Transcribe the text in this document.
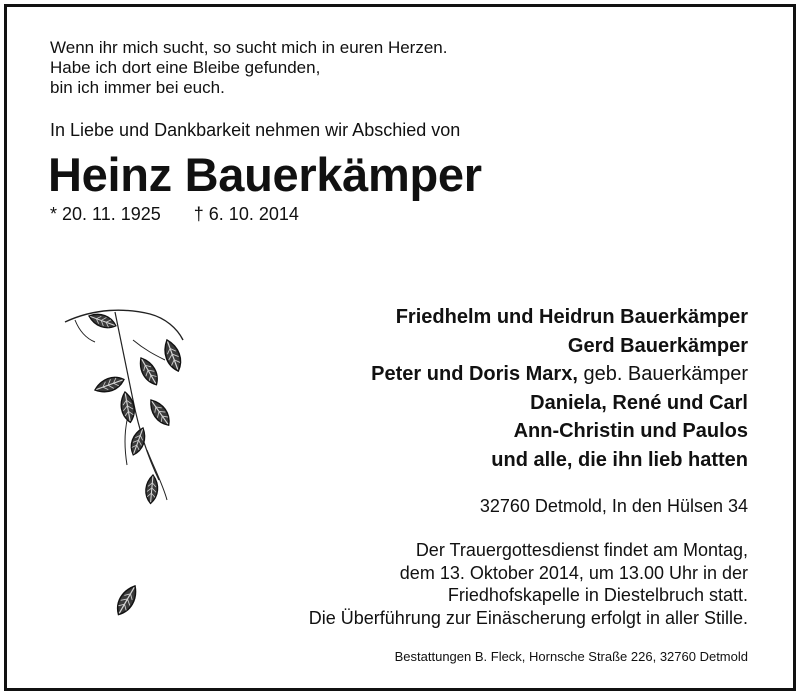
Wenn ihr mich sucht, so sucht mich in euren Herzen.
Habe ich dort eine Bleibe gefunden,
bin ich immer bei euch.
In Liebe und Dankbarkeit nehmen wir Abschied von
Heinz Bauerkämper
* 20. 11. 1925 † 6. 10. 2014
Friedhelm und Heidrun Bauerkämper
Gerd Bauerkämper
Peter und Doris Marx, geb. Bauerkämper
Daniela, René und Carl
Ann-Christin und Paulos
und alle, die ihn lieb hatten
32760 Detmold, In den Hülsen 34
Der Trauergottesdienst findet am Montag,
dem 13. Oktober 2014, um 13.00 Uhr in der
Friedhofskapelle in Diestelbruch statt.
Die Überführung zur Einäscherung erfolgt in aller Stille.
Bestattungen B. Fleck, Hornsche Straße 226, 32760 Detmold
